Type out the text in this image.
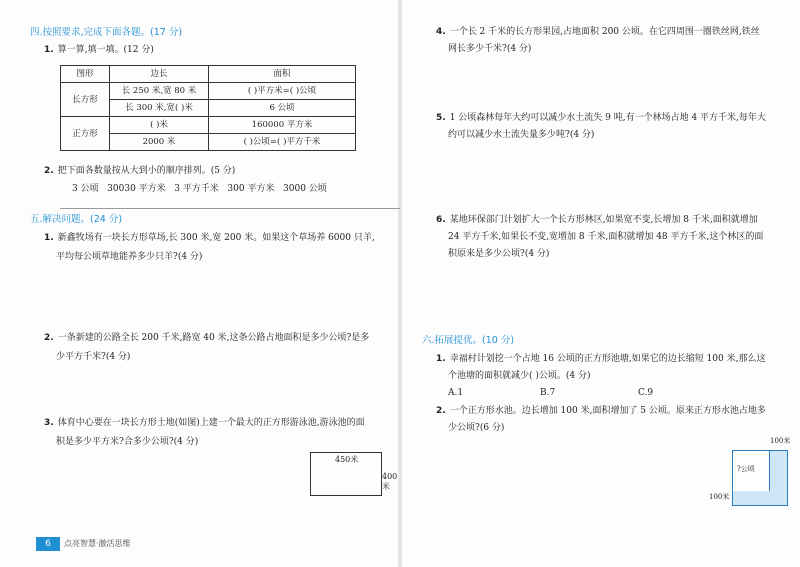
四.按照要求,完成下面各题。(17 分)
1. 算一算,填一填。(12 分)
图形	边长	面积
长方形	长 250 米,宽 80 米	( )平方米=( )公顷
	长 300 米,宽( )米	6 公顷
正方形	( )米	160000 平方米
	2000 米	( )公顷=( )平方千米
2. 把下面各数量按从大到小的顺序排列。(5 分)
3 公顷   30030 平方米   3 平方千米   300 平方米   3000 公顷
五.解决问题。(24 分)
1. 新鑫牧场有一块长方形草场,长 300 米,宽 200 米。如果这个草场养 6000 只羊,
平均每公顷草地能养多少只羊?(4 分)
2. 一条新建的公路全长 200 千米,路宽 40 米,这条公路占地面积是多少公顷?是多
少平方千米?(4 分)
3. 体育中心要在一块长方形土地(如图)上建一个最大的正方形游泳池,游泳池的面
积是多少平方米?合多少公顷?(4 分)
450米
400米
6	点亮智慧·激活思维
4. 一个长 2 千米的长方形果园,占地面积 200 公顷。在它四周围一圈铁丝网,铁丝
网长多少千米?(4 分)
5. 1 公顷森林每年大约可以减少水土流失 9 吨,有一个林场占地 4 平方千米,每年大
约可以减少水土流失量多少吨?(4 分)
6. 某地环保部门计划扩大一个长方形林区,如果宽不变,长增加 8 千米,面积就增加
24 平方千米,如果长不变,宽增加 8 千米,面积就增加 48 平方千米,这个林区的面
积原来是多少公顷?(4 分)
六.拓展提优。(10 分)
1. 幸福村计划挖一个占地 16 公顷的正方形池塘,如果它的边长缩短 100 米,那么这
个池塘的面积就减少( )公顷。(4 分)
A.1	B.7	C.9
2. 一个正方形水池。边长增加 100 米,面积增加了 5 公顷。原来正方形水池占地多
少公顷?(6 分)
100米
?公顷
100米
